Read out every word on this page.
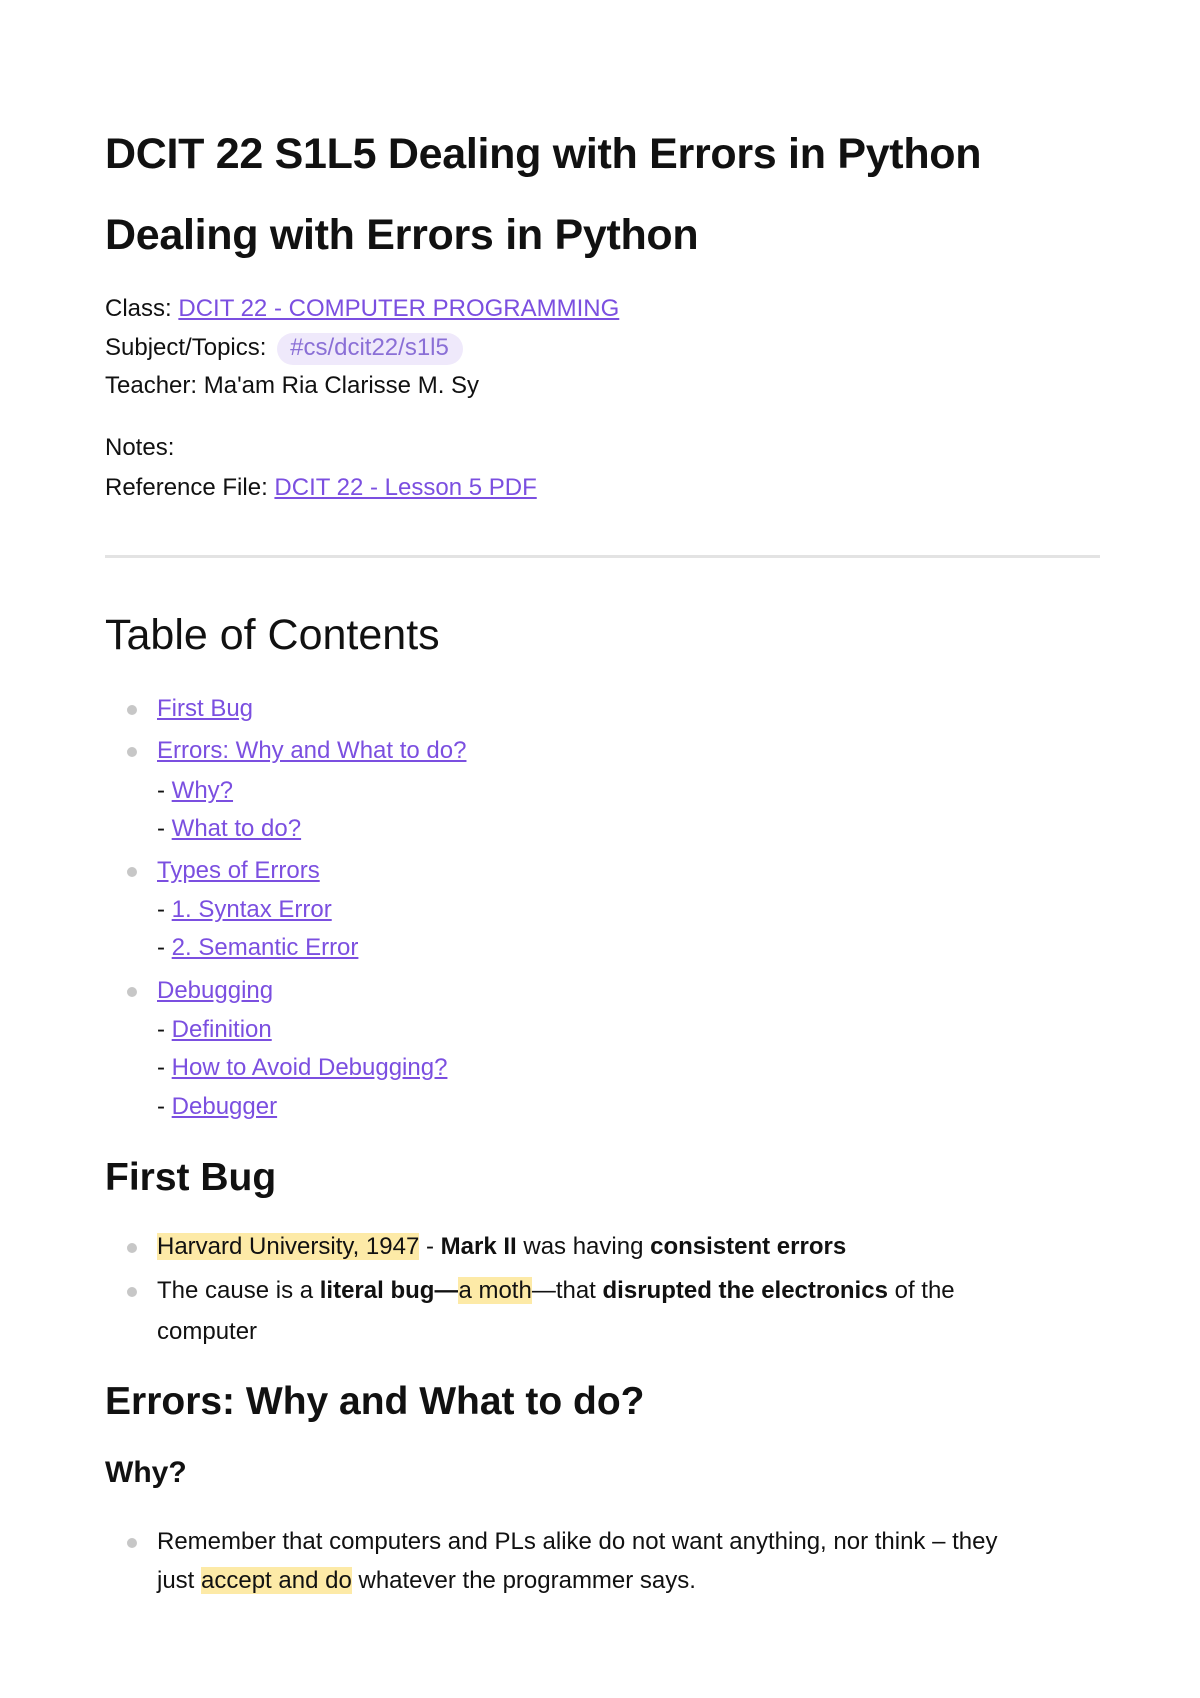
DCIT 22 S1L5 Dealing with Errors in Python
Dealing with Errors in Python
Class: DCIT 22 - COMPUTER PROGRAMMING
Subject/Topics: #cs/dcit22/s1l5
Teacher: Ma'am Ria Clarisse M. Sy
Notes:
Reference File: DCIT 22 - Lesson 5 PDF
Table of Contents
First Bug
Errors: Why and What to do?
- Why?
- What to do?
Types of Errors
- 1. Syntax Error
- 2. Semantic Error
Debugging
- Definition
- How to Avoid Debugging?
- Debugger
First Bug
Harvard University, 1947 - Mark II was having consistent errors
The cause is a literal bug—a moth—that disrupted the electronics of the
computer
Errors: Why and What to do?
Why?
Remember that computers and PLs alike do not want anything, nor think – they
just accept and do whatever the programmer says.
